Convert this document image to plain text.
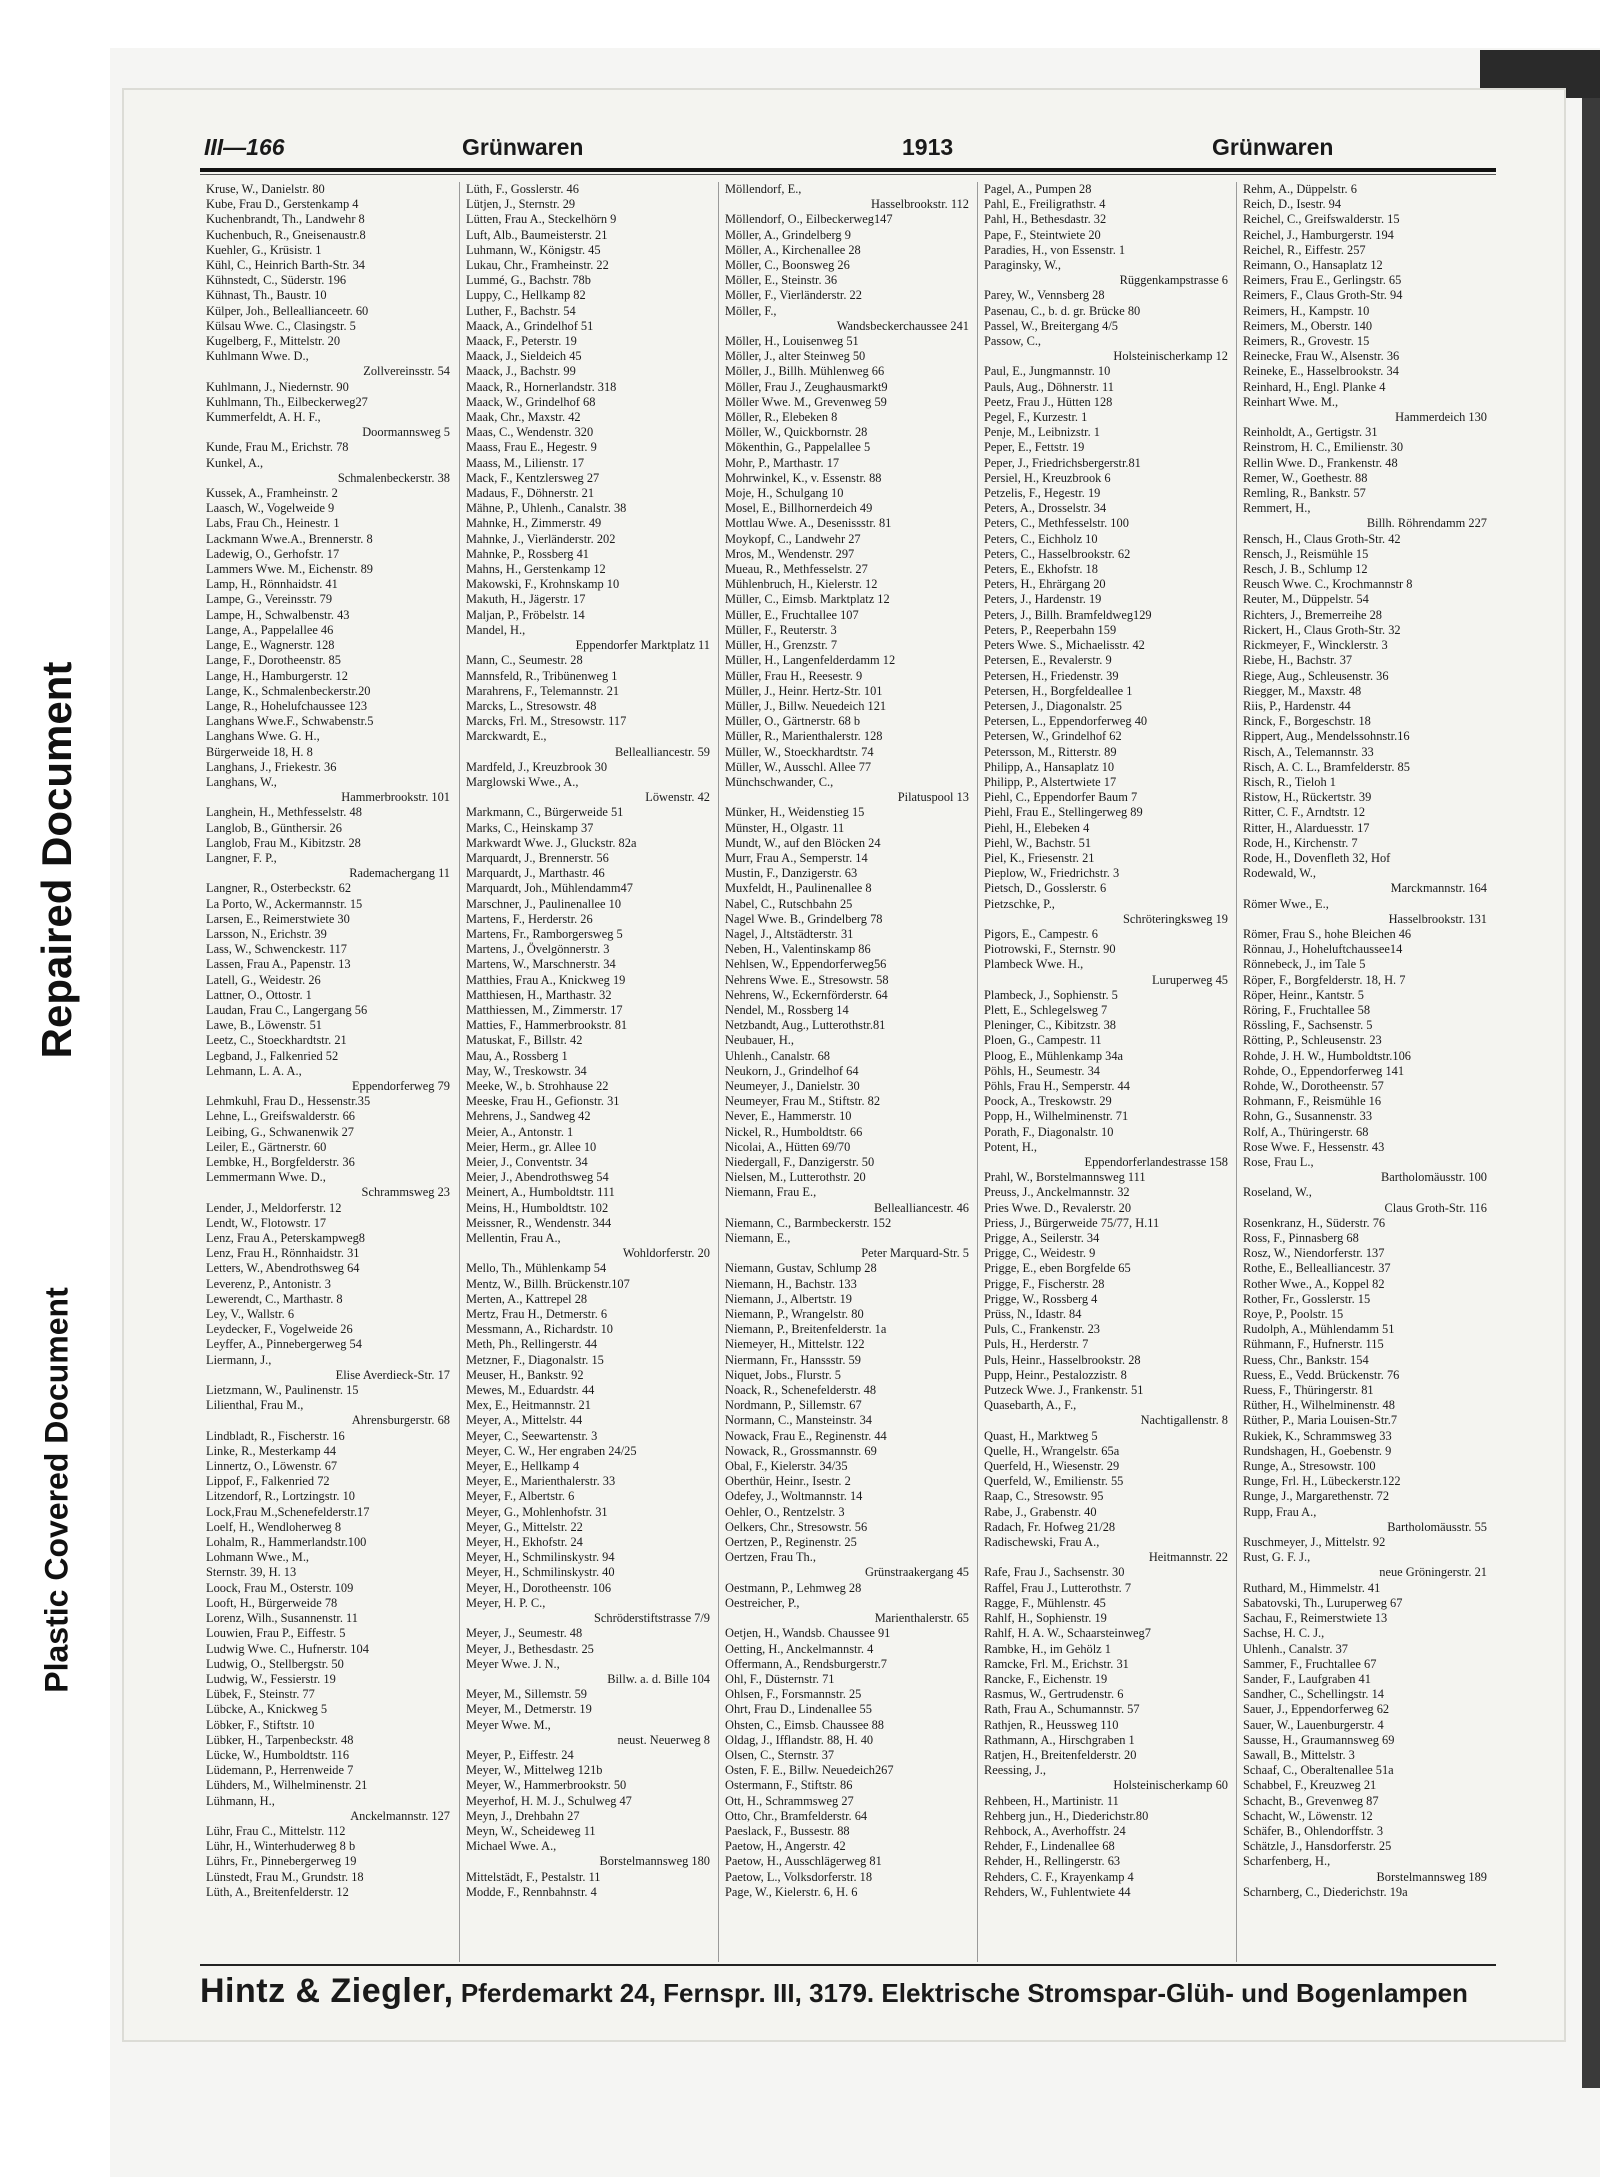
Repaired Document
Plastic Covered Document
III—166	Grünwaren	1913	Grünwaren
Kruse, W., Danielstr. 80
Kube, Frau D., Gerstenkamp 4
Kuchenbrandt, Th., Landwehr 8
Kuchenbuch, R., Gneisenaustr.8
Kuehler, G., Krüsistr. 1
Kühl, C., Heinrich Barth-Str. 34
Kühnstedt, C., Süderstr. 196
Kühnast, Th., Baustr. 10
Külper, Joh., Belleallianceetr. 60
Külsau Wwe. C., Clasingstr. 5
Kugelberg, F., Mittelstr. 20
Kuhlmann Wwe. D.,
Zollvereinsstr. 54
Kuhlmann, J., Niedernstr. 90
Kuhlmann, Th., Eilbeckerweg27
Kummerfeldt, A. H. F.,
Doormannsweg 5
Kunde, Frau M., Erichstr. 78
Kunkel, A.,
Schmalenbeckerstr. 38
Kussek, A., Framheinstr. 2
Laasch, W., Vogelweide 9
Labs, Frau Ch., Heinestr. 1
Lackmann Wwe.A., Brennerstr. 8
Ladewig, O., Gerhofstr. 17
Lammers Wwe. M., Eichenstr. 89
Lamp, H., Rönnhaidstr. 41
Lampe, G., Vereinsstr. 79
Lampe, H., Schwalbenstr. 43
Lange, A., Pappelallee 46
Lange, E., Wagnerstr. 128
Lange, F., Dorotheenstr. 85
Lange, H., Hamburgerstr. 12
Lange, K., Schmalenbeckerstr.20
Lange, R., Hohelufchaussee 123
Langhans Wwe.F., Schwabenstr.5
Langhans Wwe. G. H.,
Bürgerweide 18, H. 8
Langhans, J., Friekestr. 36
Langhans, W.,
Hammerbrookstr. 101
Langhein, H., Methfesselstr. 48
Langlob, B., Günthersir. 26
Langlob, Frau M., Kibitzstr. 28
Langner, F. P.,
Rademachergang 11
Langner, R., Osterbeckstr. 62
La Porto, W., Ackermannstr. 15
Larsen, E., Reimerstwiete 30
Larsson, N., Erichstr. 39
Lass, W., Schwenckestr. 117
Lassen, Frau A., Papenstr. 13
Latell, G., Weidestr. 26
Lattner, O., Ottostr. 1
Laudan, Frau C., Langergang 56
Lawe, B., Löwenstr. 51
Leetz, C., Stoeckhardtstr. 21
Legband, J., Falkenried 52
Lehmann, L. A. A.,
Eppendorferweg 79
Lehmkuhl, Frau D., Hessenstr.35
Lehne, L., Greifswalderstr. 66
Leibing, G., Schwanenwik 27
Leiler, E., Gärtnerstr. 60
Lembke, H., Borgfelderstr. 36
Lemmermann Wwe. D.,
Schrammsweg 23
Lender, J., Meldorferstr. 12
Lendt, W., Flotowstr. 17
Lenz, Frau A., Peterskampweg8
Lenz, Frau H., Rönnhaidstr. 31
Letters, W., Abendrothsweg 64
Leverenz, P., Antonistr. 3
Lewerendt, C., Marthastr. 8
Ley, V., Wallstr. 6
Leydecker, F., Vogelweide 26
Leyffer, A., Pinnebergerweg 54
Liermann, J.,
Elise Averdieck-Str. 17
Lietzmann, W., Paulinenstr. 15
Lilienthal, Frau M.,
Ahrensburgerstr. 68
Lindbladt, R., Fischerstr. 16
Linke, R., Mesterkamp 44
Linnertz, O., Löwenstr. 67
Lippof, F., Falkenried 72
Litzendorf, R., Lortzingstr. 10
Lock,Frau M.,Schenefelderstr.17
Loelf, H., Wendloherweg 8
Lohalm, R., Hammerlandstr.100
Lohmann Wwe., M.,
Sternstr. 39, H. 13
Loock, Frau M., Osterstr. 109
Looft, H., Bürgerweide 78
Lorenz, Wilh., Susannenstr. 11
Louwien, Frau P., Eiffestr. 5
Ludwig Wwe. C., Hufnerstr. 104
Ludwig, O., Stellbergstr. 50
Ludwig, W., Fessierstr. 19
Lübek, F., Steinstr. 77
Lübcke, A., Knickweg 5
Löbker, F., Stiftstr. 10
Lübker, H., Tarpenbeckstr. 48
Lücke, W., Humboldtstr. 116
Lüdemann, P., Herrenweide 7
Lühders, M., Wilhelminenstr. 21
Lühmann, H.,
Anckelmannstr. 127
Lühr, Frau C., Mittelstr. 112
Lühr, H., Winterhuderweg 8 b
Lührs, Fr., Pinnebergerweg 19
Lünstedt, Frau M., Grundstr. 18
Lüth, A., Breitenfelderstr. 12
Lüth, F., Gosslerstr. 46
Lütjen, J., Sternstr. 29
Lütten, Frau A., Steckelhörn 9
Luft, Alb., Baumeisterstr. 21
Luhmann, W., Königstr. 45
Lukau, Chr., Framheinstr. 22
Lummé, G., Bachstr. 78b
Luppy, C., Hellkamp 82
Luther, F., Bachstr. 54
Maack, A., Grindelhof 51
Maack, F., Peterstr. 19
Maack, J., Sieldeich 45
Maack, J., Bachstr. 99
Maack, R., Hornerlandstr. 318
Maack, W., Grindelhof 68
Maak, Chr., Maxstr. 42
Maas, C., Wendenstr. 320
Maass, Frau E., Hegestr. 9
Maass, M., Lilienstr. 17
Mack, F., Kentzlersweg 27
Madaus, F., Döhnerstr. 21
Mähne, P., Uhlenh., Canalstr. 38
Mahnke, H., Zimmerstr. 49
Mahnke, J., Vierländerstr. 202
Mahnke, P., Rossberg 41
Mahns, H., Gerstenkamp 12
Makowski, F., Krohnskamp 10
Makuth, H., Jägerstr. 17
Maljan, P., Fröbelstr. 14
Mandel, H.,
Eppendorfer Marktplatz 11
Mann, C., Seumestr. 28
Mannsfeld, R., Tribünenweg 1
Marahrens, F., Telemannstr. 21
Marcks, L., Stresowstr. 48
Marcks, Frl. M., Stresowstr. 117
Marckwardt, E.,
Bellealliancestr. 59
Mardfeld, J., Kreuzbrook 30
Marglowski Wwe., A.,
Löwenstr. 42
Markmann, C., Bürgerweide 51
Marks, C., Heinskamp 37
Markwardt Wwe. J., Gluckstr. 82a
Marquardt, J., Brennerstr. 56
Marquardt, J., Marthastr. 46
Marquardt, Joh., Mühlendamm47
Marschner, J., Paulinenallee 10
Martens, F., Herderstr. 26
Martens, Fr., Ramborgersweg 5
Martens, J., Övelgönnerstr. 3
Martens, W., Marschnerstr. 34
Matthies, Frau A., Knickweg 19
Matthiesen, H., Marthastr. 32
Matthiessen, M., Zimmerstr. 17
Matties, F., Hammerbrookstr. 81
Matuskat, F., Billstr. 42
Mau, A., Rossberg 1
May, W., Treskowstr. 34
Meeke, W., b. Strohhause 22
Meeske, Frau H., Gefionstr. 31
Mehrens, J., Sandweg 42
Meier, A., Antonstr. 1
Meier, Herm., gr. Allee 10
Meier, J., Conventstr. 34
Meier, J., Abendrothsweg 54
Meinert, A., Humboldtstr. 111
Meins, H., Humboldtstr. 102
Meissner, R., Wendenstr. 344
Mellentin, Frau A.,
Wohldorferstr. 20
Mello, Th., Mühlenkamp 54
Mentz, W., Billh. Brückenstr.107
Merten, A., Kattrepel 28
Mertz, Frau H., Detmerstr. 6
Messmann, A., Richardstr. 10
Meth, Ph., Rellingerstr. 44
Metzner, F., Diagonalstr. 15
Meuser, H., Bankstr. 92
Mewes, M., Eduardstr. 44
Mex, E., Heitmannstr. 21
Meyer, A., Mittelstr. 44
Meyer, C., Seewartenstr. 3
Meyer, C. W., Her engraben 24/25
Meyer, E., Hellkamp 4
Meyer, E., Marienthalerstr. 33
Meyer, F., Albertstr. 6
Meyer, G., Mohlenhofstr. 31
Meyer, G., Mittelstr. 22
Meyer, H., Ekhofstr. 24
Meyer, H., Schmilinskystr. 94
Meyer, H., Schmilinskystr. 40
Meyer, H., Dorotheenstr. 106
Meyer, H. P. C.,
Schröderstiftstrasse 7/9
Meyer, J., Seumestr. 48
Meyer, J., Bethesdastr. 25
Meyer Wwe. J. N.,
Billw. a. d. Bille 104
Meyer, M., Sillemstr. 59
Meyer, M., Detmerstr. 19
Meyer Wwe. M.,
neust. Neuerweg 8
Meyer, P., Eiffestr. 24
Meyer, W., Mittelweg 121b
Meyer, W., Hammerbrookstr. 50
Meyerhof, H. M. J., Schulweg 47
Meyn, J., Drehbahn 27
Meyn, W., Scheideweg 11
Michael Wwe. A.,
Borstelmannsweg 180
Mittelstädt, F., Pestalstr. 11
Modde, F., Rennbahnstr. 4
Möllendorf, E.,
Hasselbrookstr. 112
Möllendorf, O., Eilbeckerweg147
Möller, A., Grindelberg 9
Möller, A., Kirchenallee 28
Möller, C., Boonsweg 26
Möller, E., Steinstr. 36
Möller, F., Vierländerstr. 22
Möller, F.,
Wandsbeckerchaussee 241
Möller, H., Louisenweg 51
Möller, J., alter Steinweg 50
Möller, J., Billh. Mühlenweg 66
Möller, Frau J., Zeughausmarkt9
Möller Wwe. M., Grevenweg 59
Möller, R., Elebeken 8
Möller, W., Quickbornstr. 28
Mökenthin, G., Pappelallee 5
Mohr, P., Marthastr. 17
Mohrwinkel, K., v. Essenstr. 88
Moje, H., Schulgang 10
Mosel, E., Billhornerdeich 49
Mottlau Wwe. A., Desenissstr. 81
Moykopf, C., Landwehr 27
Mros, M., Wendenstr. 297
Mueau, R., Methfesselstr. 27
Mühlenbruch, H., Kielerstr. 12
Müller, C., Eimsb. Marktplatz 12
Müller, E., Fruchtallee 107
Müller, F., Reuterstr. 3
Müller, H., Grenzstr. 7
Müller, H., Langenfelderdamm 12
Müller, Frau H., Reesestr. 9
Müller, J., Heinr. Hertz-Str. 101
Müller, J., Billw. Neuedeich 121
Müller, O., Gärtnerstr. 68 b
Müller, R., Marienthalerstr. 128
Müller, W., Stoeckhardtstr. 74
Müller, W., Ausschl. Allee 77
Münchschwander, C.,
Pilatuspool 13
Münker, H., Weidenstieg 15
Münster, H., Olgastr. 11
Mundt, W., auf den Blöcken 24
Murr, Frau A., Semperstr. 14
Mustin, F., Danzigerstr. 63
Muxfeldt, H., Paulinenallee 8
Nabel, C., Rutschbahn 25
Nagel Wwe. B., Grindelberg 78
Nagel, J., Altstädterstr. 31
Neben, H., Valentinskamp 86
Nehlsen, W., Eppendorferweg56
Nehrens Wwe. E., Stresowstr. 58
Nehrens, W., Eckernförderstr. 64
Nendel, M., Rossberg 14
Netzbandt, Aug., Lutterothstr.81
Neubauer, H.,
Uhlenh., Canalstr. 68
Neukorn, J., Grindelhof 64
Neumeyer, J., Danielstr. 30
Neumeyer, Frau M., Stiftstr. 82
Never, E., Hammerstr. 10
Nickel, R., Humboldtstr. 66
Nicolai, A., Hütten 69/70
Niedergall, F., Danzigerstr. 50
Nielsen, M., Lutterothstr. 20
Niemann, Frau E.,
Bellealliancestr. 46
Niemann, C., Barmbeckerstr. 152
Niemann, E.,
Peter Marquard-Str. 5
Niemann, Gustav, Schlump 28
Niemann, H., Bachstr. 133
Niemann, J., Albertstr. 19
Niemann, P., Wrangelstr. 80
Niemann, P., Breitenfelderstr. 1a
Niemeyer, H., Mittelstr. 122
Niermann, Fr., Hanssstr. 59
Niquet, Jobs., Flurstr. 5
Noack, R., Schenefelderstr. 48
Nordmann, P., Sillemstr. 67
Normann, C., Mansteinstr. 34
Nowack, Frau E., Reginenstr. 44
Nowack, R., Grossmannstr. 69
Obal, F., Kielerstr. 34/35
Oberthür, Heinr., Isestr. 2
Odefey, J., Woltmannstr. 14
Oehler, O., Rentzelstr. 3
Oelkers, Chr., Stresowstr. 56
Oertzen, P., Reginenstr. 25
Oertzen, Frau Th.,
Grünstraakergang 45
Oestmann, P., Lehmweg 28
Oestreicher, P.,
Marienthalerstr. 65
Oetjen, H., Wandsb. Chaussee 91
Oetting, H., Anckelmannstr. 4
Offermann, A., Rendsburgerstr.7
Ohl, F., Düsternstr. 71
Ohlsen, F., Forsmannstr. 25
Ohrt, Frau D., Lindenallee 55
Ohsten, C., Eimsb. Chaussee 88
Oldag, J., Ifflandstr. 88, H. 40
Olsen, C., Sternstr. 37
Osten, F. E., Billw. Neuedeich267
Ostermann, F., Stiftstr. 86
Ott, H., Schrammsweg 27
Otto, Chr., Bramfelderstr. 64
Paeslack, F., Bussestr. 88
Paetow, H., Angerstr. 42
Paetow, H., Ausschlägerweg 81
Paetow, L., Volksdorferstr. 18
Page, W., Kielerstr. 6, H. 6
Pagel, A., Pumpen 28
Pahl, E., Freiligrathstr. 4
Pahl, H., Bethesdastr. 32
Pape, F., Steintwiete 20
Paradies, H., von Essenstr. 1
Paraginsky, W.,
Rüggenkampstrasse 6
Parey, W., Vennsberg 28
Pasenau, C., b. d. gr. Brücke 80
Passel, W., Breitergang 4/5
Passow, C.,
Holsteinischerkamp 12
Paul, E., Jungmannstr. 10
Pauls, Aug., Döhnerstr. 11
Peetz, Frau J., Hütten 128
Pegel, F., Kurzestr. 1
Penje, M., Leibnizstr. 1
Peper, E., Fettstr. 19
Peper, J., Friedrichsbergerstr.81
Persiel, H., Kreuzbrook 6
Petzelis, F., Hegestr. 19
Peters, A., Drosselstr. 34
Peters, C., Methfesselstr. 100
Peters, C., Eichholz 10
Peters, C., Hasselbrookstr. 62
Peters, E., Ekhofstr. 18
Peters, H., Ehrärgang 20
Peters, J., Hardenstr. 19
Peters, J., Billh. Bramfeldweg129
Peters, P., Reeperbahn 159
Peters Wwe. S., Michaelisstr. 42
Petersen, E., Revalerstr. 9
Petersen, H., Friedenstr. 39
Petersen, H., Borgfeldeallee 1
Petersen, J., Diagonalstr. 25
Petersen, L., Eppendorferweg 40
Petersen, W., Grindelhof 62
Petersson, M., Ritterstr. 89
Philipp, A., Hansaplatz 10
Philipp, P., Alstertwiete 17
Piehl, C., Eppendorfer Baum 7
Piehl, Frau E., Stellingerweg 89
Piehl, H., Elebeken 4
Piehl, W., Bachstr. 51
Piel, K., Friesenstr. 21
Pieplow, W., Friedrichstr. 3
Pietsch, D., Gosslerstr. 6
Pietzschke, P.,
Schröteringksweg 19
Pigors, E., Campestr. 6
Piotrowski, F., Sternstr. 90
Plambeck Wwe. H.,
Luruperweg 45
Plambeck, J., Sophienstr. 5
Plett, E., Schlegelsweg 7
Pleninger, C., Kibitzstr. 38
Ploen, G., Campestr. 11
Ploog, E., Mühlenkamp 34a
Pöhls, H., Seumestr. 34
Pöhls, Frau H., Semperstr. 44
Poock, A., Treskowstr. 29
Popp, H., Wilhelminenstr. 71
Porath, F., Diagonalstr. 10
Potent, H.,
Eppendorferlandestrasse 158
Prahl, W., Borstelmannsweg 111
Preuss, J., Anckelmannstr. 32
Pries Wwe. D., Revalerstr. 20
Priess, J., Bürgerweide 75/77, H.11
Prigge, A., Seilerstr. 34
Prigge, C., Weidestr. 9
Prigge, E., eben Borgfelde 65
Prigge, F., Fischerstr. 28
Prigge, W., Rossberg 4
Prüss, N., Idastr. 84
Puls, C., Frankenstr. 23
Puls, H., Herderstr. 7
Puls, Heinr., Hasselbrookstr. 28
Pupp, Heinr., Pestalozzistr. 8
Putzeck Wwe. J., Frankenstr. 51
Quasebarth, A., F.,
Nachtigallenstr. 8
Quast, H., Marktweg 5
Quelle, H., Wrangelstr. 65a
Querfeld, H., Wiesenstr. 29
Querfeld, W., Emilienstr. 55
Raap, C., Stresowstr. 95
Rabe, J., Grabenstr. 40
Radach, Fr. Hofweg 21/28
Radischewski, Frau A.,
Heitmannstr. 22
Rafe, Frau J., Sachsenstr. 30
Raffel, Frau J., Lutterothstr. 7
Ragge, F., Mühlenstr. 45
Rahlf, H., Sophienstr. 19
Rahlf, H. A. W., Schaarsteinweg7
Rambke, H., im Gehölz 1
Ramcke, Frl. M., Erichstr. 31
Rancke, F., Eichenstr. 19
Rasmus, W., Gertrudenstr. 6
Rath, Frau A., Schumannstr. 57
Rathjen, R., Heussweg 110
Rathmann, A., Hirschgraben 1
Ratjen, H., Breitenfelderstr. 20
Reessing, J.,
Holsteinischerkamp 60
Rehbeen, H., Martinistr. 11
Rehberg jun., H., Diederichstr.80
Rehbock, A., Averhoffstr. 24
Rehder, F., Lindenallee 68
Rehder, H., Rellingerstr. 63
Rehders, C. F., Krayenkamp 4
Rehders, W., Fuhlentwiete 44
Rehm, A., Düppelstr. 6
Reich, D., Isestr. 94
Reichel, C., Greifswalderstr. 15
Reichel, J., Hamburgerstr. 194
Reichel, R., Eiffestr. 257
Reimann, O., Hansaplatz 12
Reimers, Frau E., Gerlingstr. 65
Reimers, F., Claus Groth-Str. 94
Reimers, H., Kampstr. 10
Reimers, M., Oberstr. 140
Reimers, R., Grovestr. 15
Reinecke, Frau W., Alsenstr. 36
Reineke, E., Hasselbrookstr. 34
Reinhard, H., Engl. Planke 4
Reinhart Wwe. M.,
Hammerdeich 130
Reinholdt, A., Gertigstr. 31
Reinstrom, H. C., Emilienstr. 30
Rellin Wwe. D., Frankenstr. 48
Remer, W., Goethestr. 88
Remling, R., Bankstr. 57
Remmert, H.,
Billh. Röhrendamm 227
Rensch, H., Claus Groth-Str. 42
Rensch, J., Reismühle 15
Resch, J. B., Schlump 12
Reusch Wwe. C., Krochmannstr 8
Reuter, M., Düppelstr. 54
Richters, J., Bremerreihe 28
Rickert, H., Claus Groth-Str. 32
Rickmeyer, F., Wincklerstr. 3
Riebe, H., Bachstr. 37
Riege, Aug., Schleusenstr. 36
Riegger, M., Maxstr. 48
Riis, P., Hardenstr. 44
Rinck, F., Borgeschstr. 18
Rippert, Aug., Mendelssohnstr.16
Risch, A., Telemannstr. 33
Risch, A. C. L., Bramfelderstr. 85
Risch, R., Tieloh 1
Ristow, H., Rückertstr. 39
Ritter, C. F., Arndtstr. 12
Ritter, H., Alarduesstr. 17
Rode, H., Kirchenstr. 7
Rode, H., Dovenfleth 32, Hof
Rodewald, W.,
Marckmannstr. 164
Römer Wwe., E.,
Hasselbrookstr. 131
Römer, Frau S., hohe Bleichen 46
Rönnau, J., Hoheluftchaussee14
Rönnebeck, J., im Tale 5
Röper, F., Borgfelderstr. 18, H. 7
Röper, Heinr., Kantstr. 5
Röring, F., Fruchtallee 58
Rössling, F., Sachsenstr. 5
Rötting, P., Schleusenstr. 23
Rohde, J. H. W., Humboldtstr.106
Rohde, O., Eppendorferweg 141
Rohde, W., Dorotheenstr. 57
Rohmann, F., Reismühle 16
Rohn, G., Susannenstr. 33
Rolf, A., Thüringerstr. 68
Rose Wwe. F., Hessenstr. 43
Rose, Frau L.,
Bartholomäusstr. 100
Roseland, W.,
Claus Groth-Str. 116
Rosenkranz, H., Süderstr. 76
Ross, F., Pinnasberg 68
Rosz, W., Niendorferstr. 137
Rothe, E., Bellealliancestr. 37
Rother Wwe., A., Koppel 82
Rother, Fr., Gosslerstr. 15
Roye, P., Poolstr. 15
Rudolph, A., Mühlendamm 51
Rühmann, F., Hufnerstr. 115
Ruess, Chr., Bankstr. 154
Ruess, E., Vedd. Brückenstr. 76
Ruess, F., Thüringerstr. 81
Rüther, H., Wilhelminenstr. 48
Rüther, P., Maria Louisen-Str.7
Rukiek, K., Schrammsweg 33
Rundshagen, H., Goebenstr. 9
Runge, A., Stresowstr. 100
Runge, Frl. H., Lübeckerstr.122
Runge, J., Margarethenstr. 72
Rupp, Frau A.,
Bartholomäusstr. 55
Ruschmeyer, J., Mittelstr. 92
Rust, G. F. J.,
neue Gröningerstr. 21
Ruthard, M., Himmelstr. 41
Sabatovski, Th., Luruperweg 67
Sachau, F., Reimerstwiete 13
Sachse, H. C. J.,
Uhlenh., Canalstr. 37
Sammer, F., Fruchtallee 67
Sander, F., Laufgraben 41
Sandher, C., Schellingstr. 14
Sauer, J., Eppendorferweg 62
Sauer, W., Lauenburgerstr. 4
Sausse, H., Graumannsweg 69
Sawall, B., Mittelstr. 3
Schaaf, C., Oberaltenallee 51a
Schabbel, F., Kreuzweg 21
Schacht, B., Grevenweg 87
Schacht, W., Löwenstr. 12
Schäfer, B., Ohlendorffstr. 3
Schätzle, J., Hansdorferstr. 25
Scharfenberg, H.,
Borstelmannsweg 189
Scharnberg, C., Diederichstr. 19a
Hintz & Ziegler, Pferdemarkt 24, Fernspr. III, 3179. Elektrische Stromspar-Glüh- und Bogenlampen
